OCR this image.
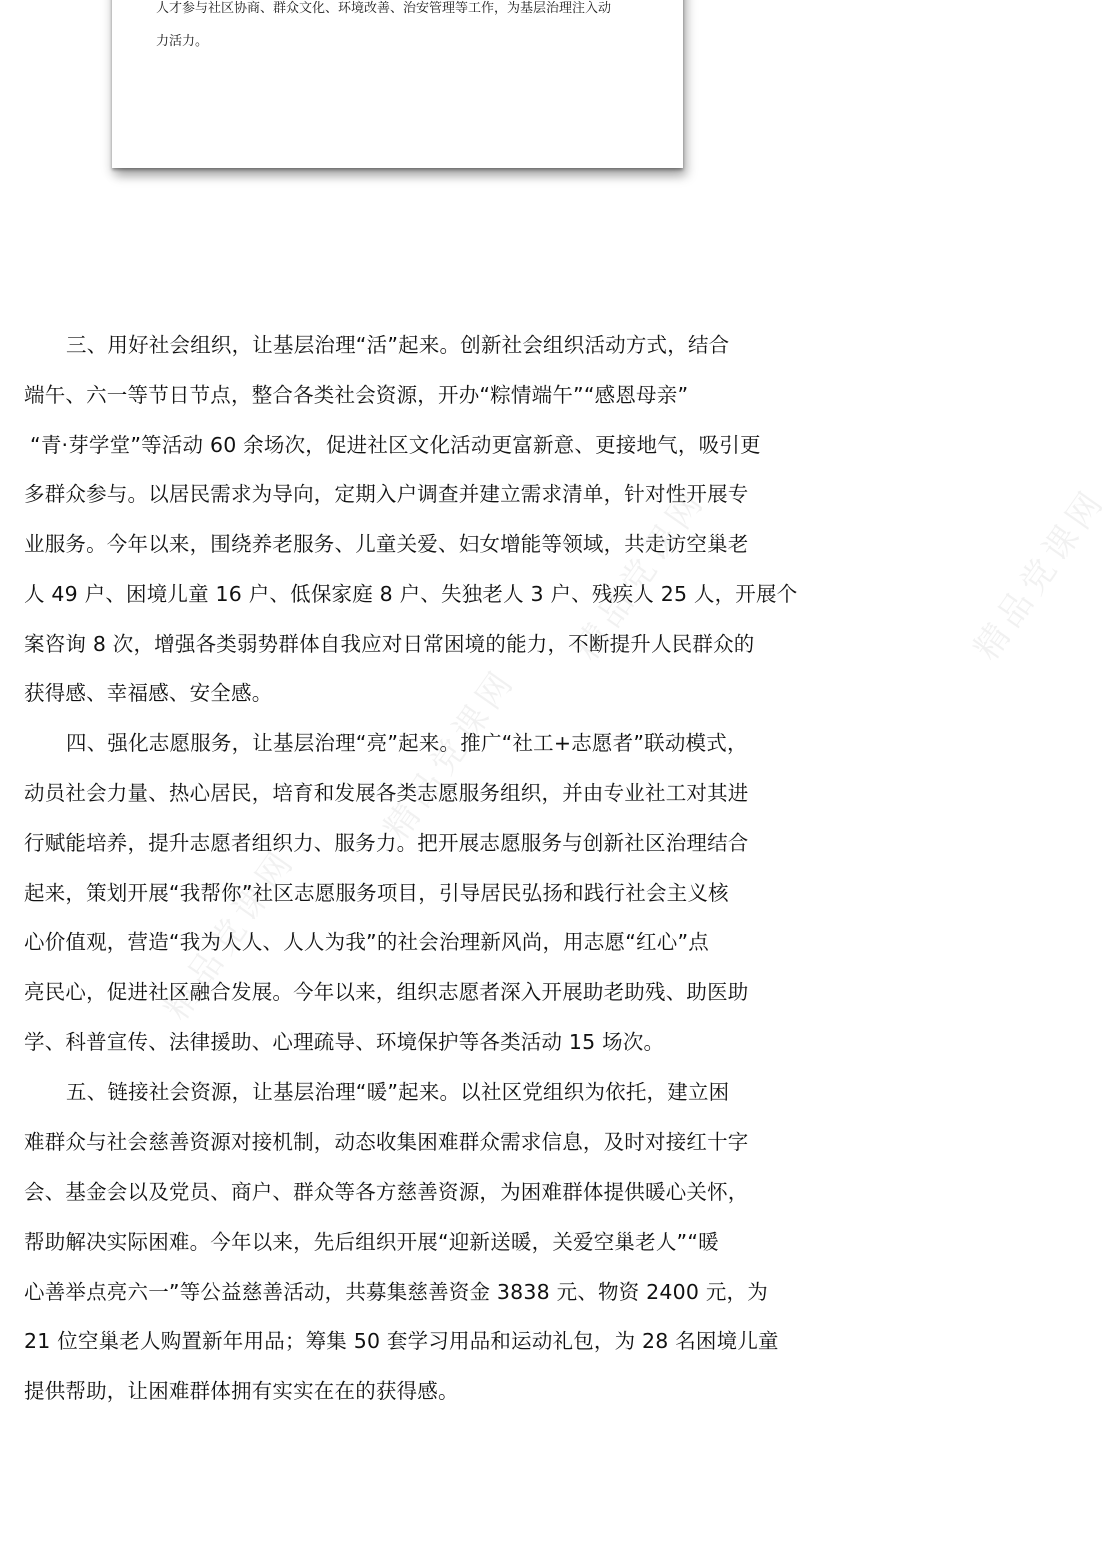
人才参与社区协商、群众文化、环境改善、治安管理等工作，为基层治理注入动
力活力。
精品党课网
精品党课网
精品党课网
精品党课网
三、用好社会组织，让基层治理“活”起来。创新社会组织活动方式，结合
端午、六一等节日节点，整合各类社会资源，开办“粽情端午”“感恩母亲”
“青·芽学堂”等活动 60 余场次，促进社区文化活动更富新意、更接地气，吸引更
多群众参与。以居民需求为导向，定期入户调查并建立需求清单，针对性开展专
业服务。今年以来，围绕养老服务、儿童关爱、妇女增能等领域，共走访空巢老
人 49 户、困境儿童 16 户、低保家庭 8 户、失独老人 3 户、残疾人 25 人，开展个
案咨询 8 次，增强各类弱势群体自我应对日常困境的能力，不断提升人民群众的
获得感、幸福感、安全感。
四、强化志愿服务，让基层治理“亮”起来。推广“社工+志愿者”联动模式，
动员社会力量、热心居民，培育和发展各类志愿服务组织，并由专业社工对其进
行赋能培养，提升志愿者组织力、服务力。把开展志愿服务与创新社区治理结合
起来，策划开展“我帮你”社区志愿服务项目，引导居民弘扬和践行社会主义核
心价值观，营造“我为人人、人人为我”的社会治理新风尚，用志愿“红心”点
亮民心，促进社区融合发展。今年以来，组织志愿者深入开展助老助残、助医助
学、科普宣传、法律援助、心理疏导、环境保护等各类活动 15 场次。
五、链接社会资源，让基层治理“暖”起来。以社区党组织为依托，建立困
难群众与社会慈善资源对接机制，动态收集困难群众需求信息，及时对接红十字
会、基金会以及党员、商户、群众等各方慈善资源，为困难群体提供暖心关怀，
帮助解决实际困难。今年以来，先后组织开展“迎新送暖，关爱空巢老人”“暖
心善举点亮六一”等公益慈善活动，共募集慈善资金 3838 元、物资 2400 元，为
21 位空巢老人购置新年用品；筹集 50 套学习用品和运动礼包，为 28 名困境儿童
提供帮助，让困难群体拥有实实在在的获得感。
